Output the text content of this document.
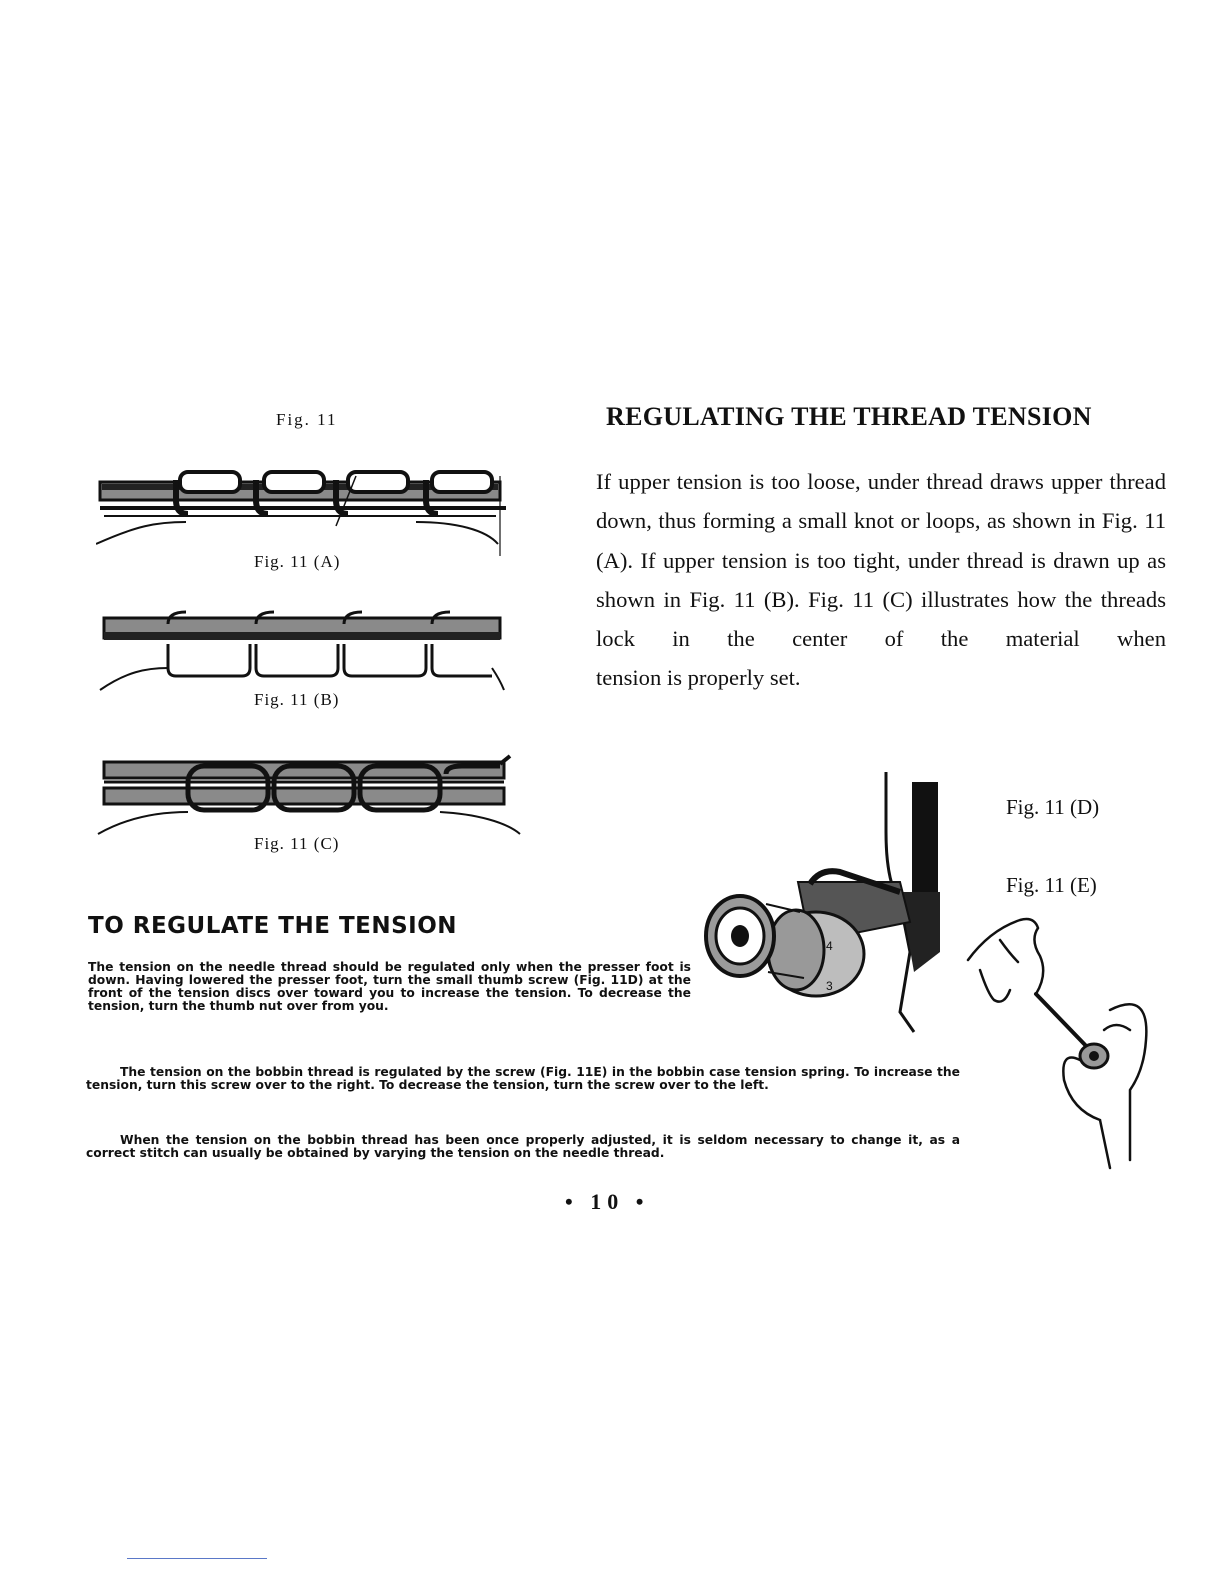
Fig. 11
Fig. 11 (A)
Fig. 11 (B)
Fig. 11 (C)
REGULATING THE THREAD TENSION

If upper tension is too loose, under thread draws upper thread down, thus forming a small knot or loops, as shown in Fig. 11 (A). If upper tension is too tight, under thread is drawn up as shown in Fig. 11 (B). Fig. 11 (C) illustrates how the threads lock in the center of the material when

tension is properly set.

4
3
Fig. 11 (D)
Fig. 11 (E)
TO REGULATE THE TENSION

The tension on the needle thread should be regulated only when the presser foot is down. Having lowered the presser foot, turn the small thumb screw (Fig. 11D) at the front of the tension discs over toward you to increase the tension. To decrease the tension, turn the thumb nut over from you.

The tension on the bobbin thread is regulated by the screw (Fig. 11E) in the bobbin case tension spring. To increase the tension, turn this screw over to the right. To decrease the tension, turn the screw over to the left.

When the tension on the bobbin thread has been once properly adjusted, it is seldom necessary to change it, as a correct stitch can usually be obtained by varying the tension on the needle thread.

• 10 •
